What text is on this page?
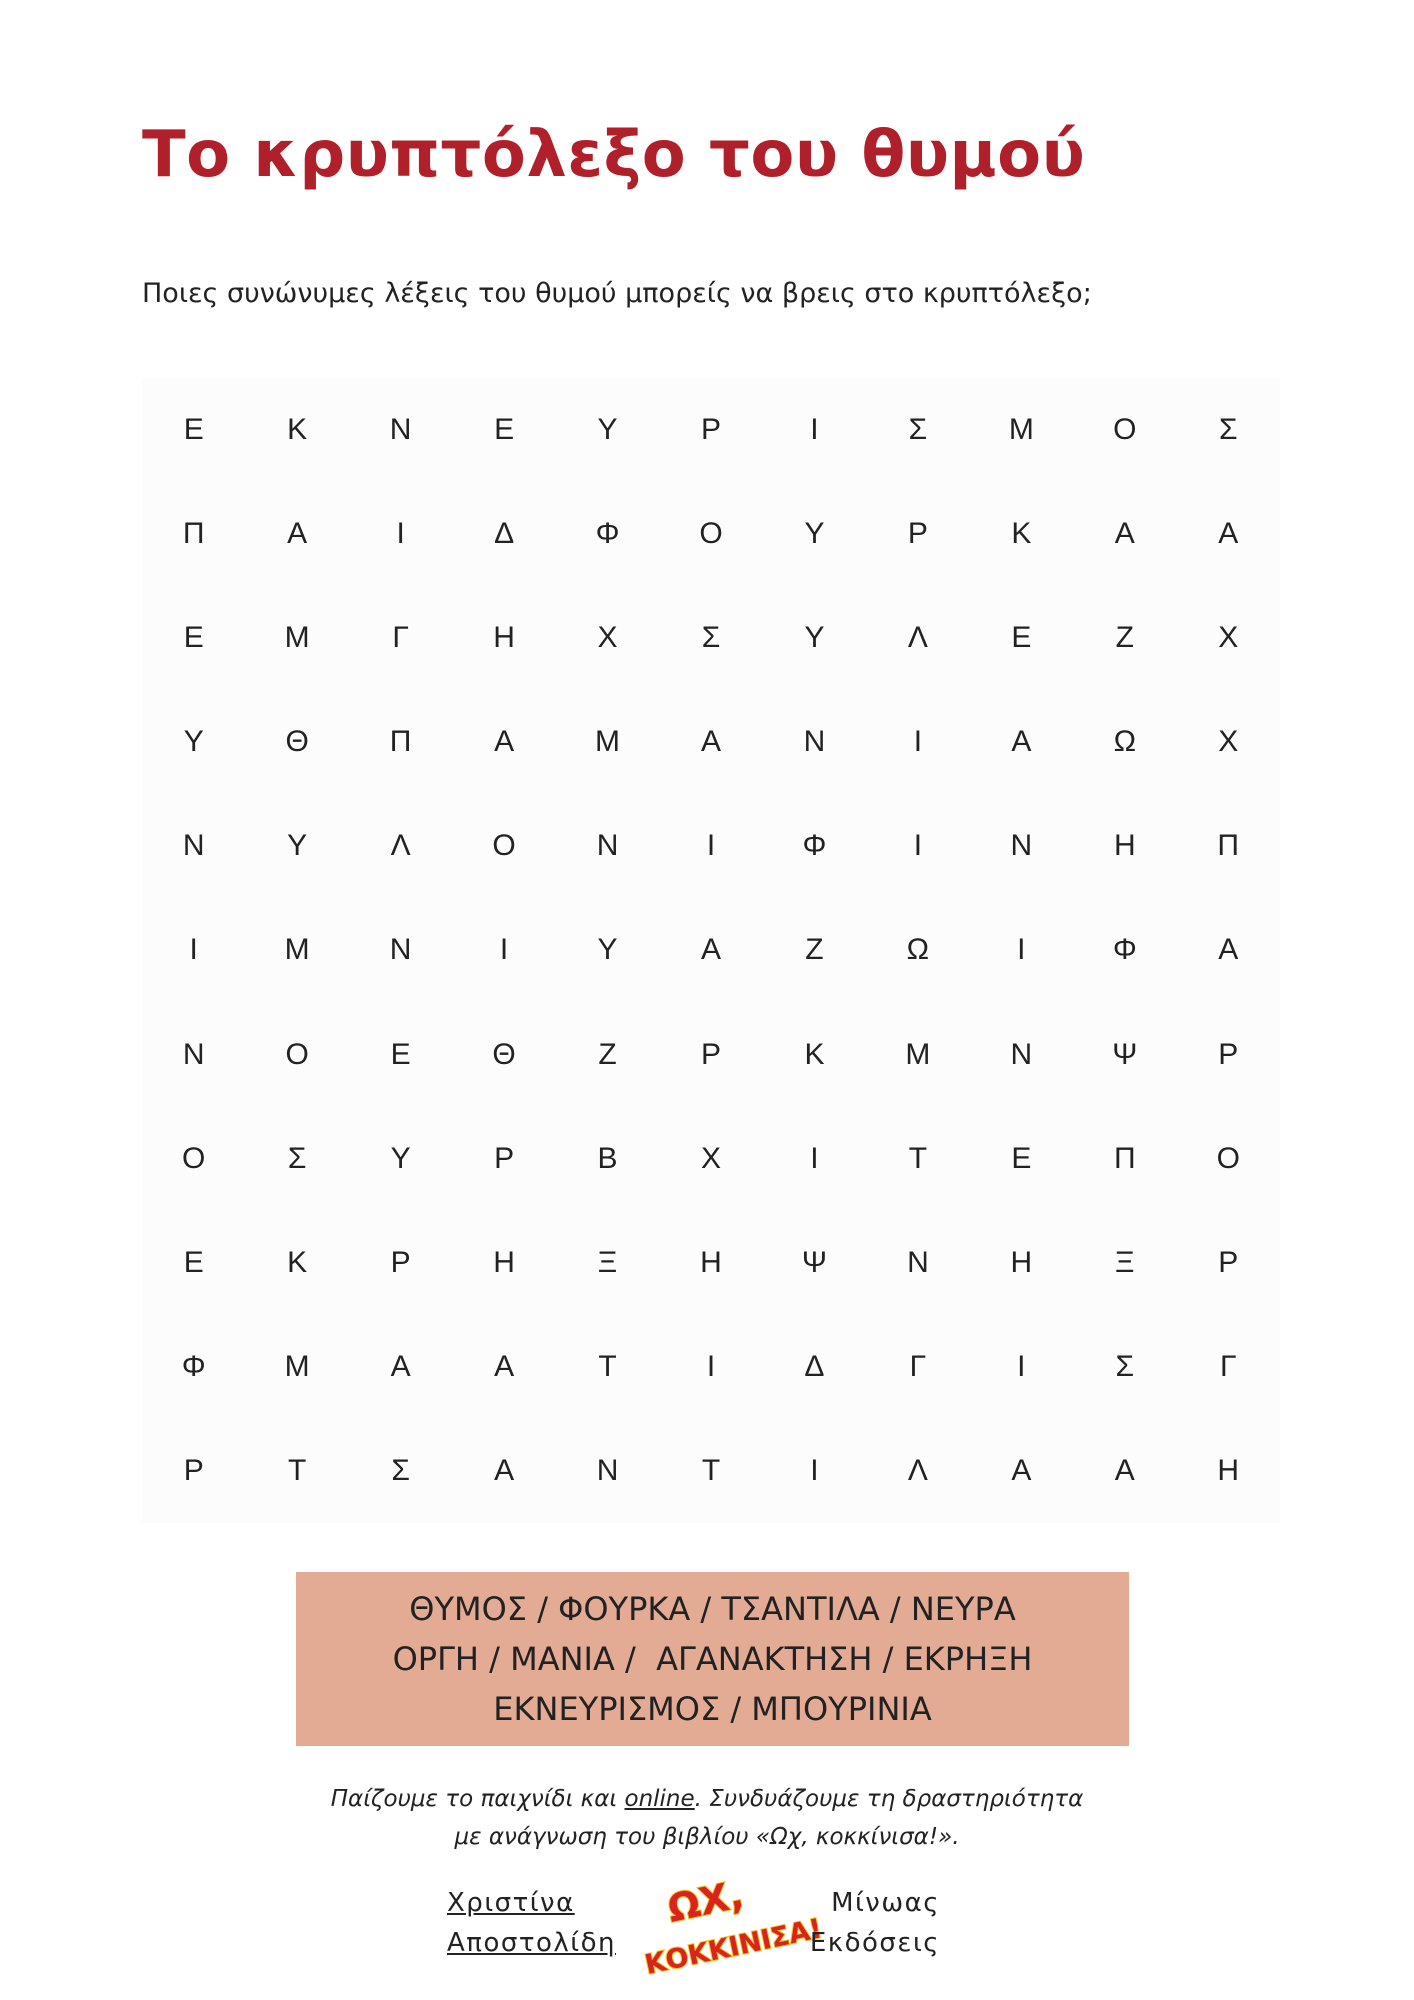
Το κρυπτόλεξο του θυμού

Ποιες συνώνυμες λέξεις του θυμού μπορείς να βρεις στο κρυπτόλεξο;

Ε	Κ	Ν	Ε	Υ	Ρ	Ι	Σ	Μ	Ο	Σ
Π	Α	Ι	Δ	Φ	Ο	Υ	Ρ	Κ	Α	Α
Ε	Μ	Γ	Η	Χ	Σ	Υ	Λ	Ε	Ζ	Χ
Υ	Θ	Π	Α	Μ	Α	Ν	Ι	Α	Ω	Χ
Ν	Υ	Λ	Ο	Ν	Ι	Φ	Ι	Ν	Η	Π
Ι	Μ	Ν	Ι	Υ	Α	Ζ	Ω	Ι	Φ	Α
Ν	Ο	Ε	Θ	Ζ	Ρ	Κ	Μ	Ν	Ψ	Ρ
Ο	Σ	Υ	Ρ	Β	Χ	Ι	Τ	Ε	Π	Ο
Ε	Κ	Ρ	Η	Ξ	Η	Ψ	Ν	Η	Ξ	Ρ
Φ	Μ	Α	Α	Τ	Ι	Δ	Γ	Ι	Σ	Γ
Ρ	Τ	Σ	Α	Ν	Τ	Ι	Λ	Α	Α	Η
ΘΥΜΟΣ / ΦΟΥΡΚΑ / ΤΣΑΝΤΙΛΑ / ΝΕΥΡΑ
ΟΡΓΗ / ΜΑΝΙΑ /  ΑΓΑΝΑΚΤΗΣΗ / ΕΚΡΗΞΗ
ΕΚΝΕΥΡΙΣΜΟΣ / ΜΠΟΥΡΙΝΙΑ
Παίζουμε το παιχνίδι και online. Συνδυάζουμε τη δραστηριότητα
με ανάγνωση του βιβλίου «Ωχ, κοκκίνισα!».
Χριστίνα
Αποστολίδη
ΩΧ,
ΚΟΚΚΙΝΙΣΑ!
Μίνωας
Εκδόσεις
